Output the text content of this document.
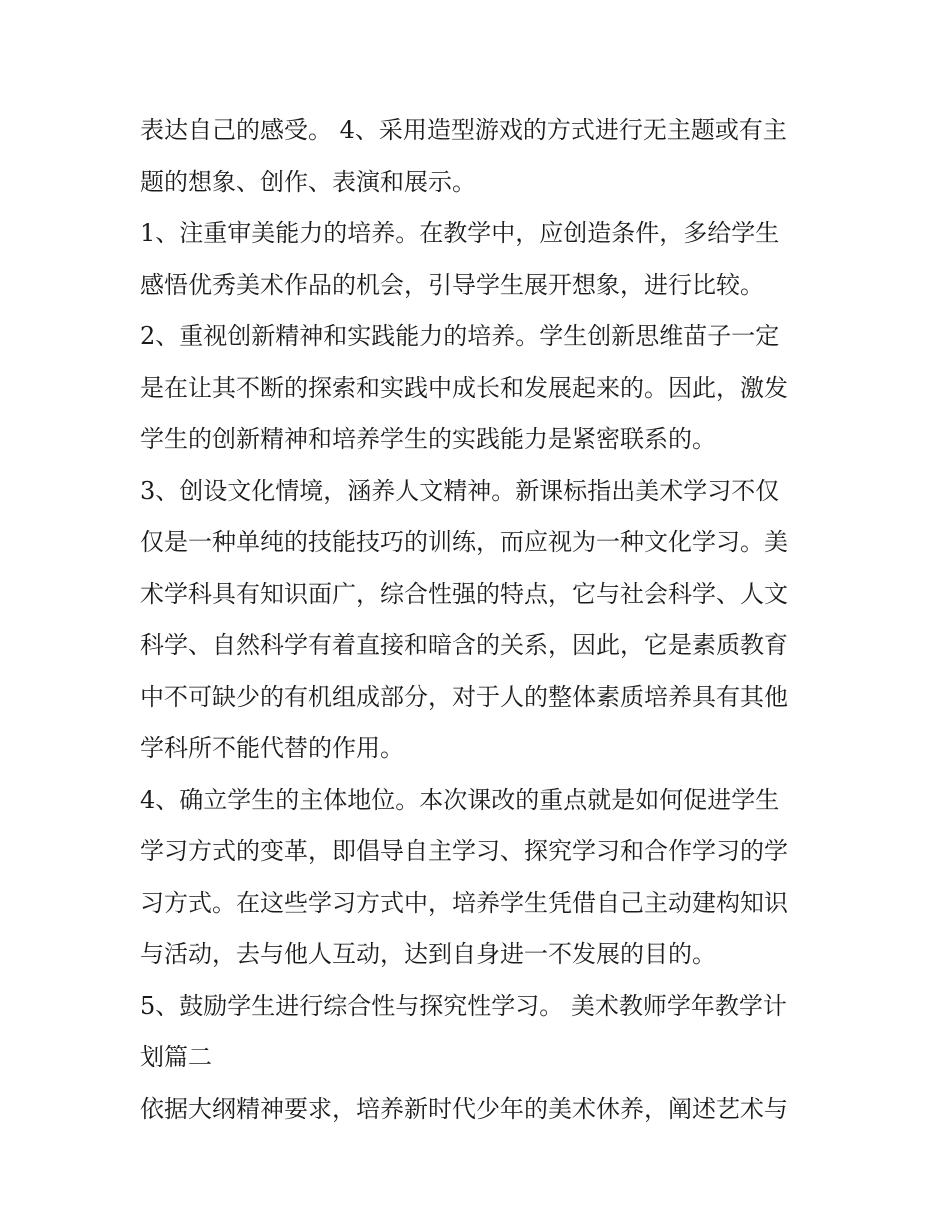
表达自己的感受。 4、采用造型游戏的方式进行无主题或有主
题的想象、创作、表演和展示。
1、注重审美能力的培养。在教学中，应创造条件，多给学生
感悟优秀美术作品的机会，引导学生展开想象，进行比较。
2、重视创新精神和实践能力的培养。学生创新思维苗子一定
是在让其不断的探索和实践中成长和发展起来的。因此，激发
学生的创新精神和培养学生的实践能力是紧密联系的。
3、创设文化情境，涵养人文精神。新课标指出美术学习不仅
仅是一种单纯的技能技巧的训练，而应视为一种文化学习。美
术学科具有知识面广，综合性强的特点，它与社会科学、人文
科学、自然科学有着直接和暗含的关系，因此，它是素质教育
中不可缺少的有机组成部分，对于人的整体素质培养具有其他
学科所不能代替的作用。
4、确立学生的主体地位。本次课改的重点就是如何促进学生
学习方式的变革，即倡导自主学习、探究学习和合作学习的学
习方式。在这些学习方式中，培养学生凭借自己主动建构知识
与活动，去与他人互动，达到自身进一不发展的目的。
5、鼓励学生进行综合性与探究性学习。 美术教师学年教学计
划篇二
依据大纲精神要求，培养新时代少年的美术休养，阐述艺术与
